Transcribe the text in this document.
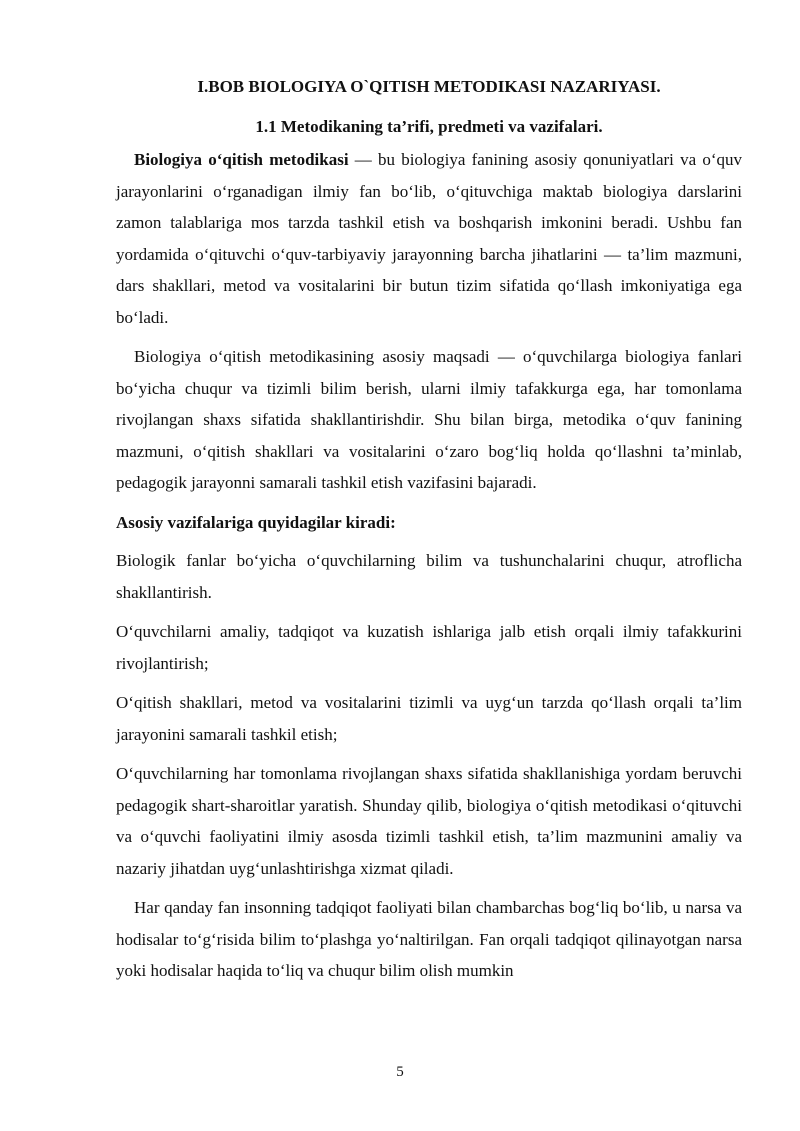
I.BOB BIOLOGIYA O`QITISH METODIKASI NAZARIYASI.
1.1 Metodikaning ta’rifi, predmeti va vazifalari.

Biologiya o‘qitish metodikasi — bu biologiya fanining asosiy qonuniyatlari va o‘quv jarayonlarini o‘rganadigan ilmiy fan bo‘lib, o‘qituvchiga maktab biologiya darslarini zamon talablariga mos tarzda tashkil etish va boshqarish imkonini beradi. Ushbu fan yordamida o‘qituvchi o‘quv-tarbiyaviy jarayonning barcha jihatlarini — ta’lim mazmuni, dars shakllari, metod va vositalarini bir butun tizim sifatida qo‘llash imkoniyatiga ega bo‘ladi.

Biologiya o‘qitish metodikasining asosiy maqsadi — o‘quvchilarga biologiya fanlari bo‘yicha chuqur va tizimli bilim berish, ularni ilmiy tafakkurga ega, har tomonlama rivojlangan shaxs sifatida shakllantirishdir. Shu bilan birga, metodika o‘quv fanining mazmuni, o‘qitish shakllari va vositalarini o‘zaro bog‘liq holda qo‘llashni ta’minlab, pedagogik jarayonni samarali tashkil etish vazifasini bajaradi.

Asosiy vazifalariga quyidagilar kiradi:

Biologik fanlar bo‘yicha o‘quvchilarning bilim va tushunchalarini chuqur, atroflicha shakllantirish.

O‘quvchilarni amaliy, tadqiqot va kuzatish ishlariga jalb etish orqali ilmiy tafakkurini rivojlantirish;

O‘qitish shakllari, metod va vositalarini tizimli va uyg‘un tarzda qo‘llash orqali ta’lim jarayonini samarali tashkil etish;

O‘quvchilarning har tomonlama rivojlangan shaxs sifatida shakllanishiga yordam beruvchi pedagogik shart-sharoitlar yaratish. Shunday qilib, biologiya o‘qitish metodikasi o‘qituvchi va o‘quvchi faoliyatini ilmiy asosda tizimli tashkil etish, ta’lim mazmunini amaliy va nazariy jihatdan uyg‘unlashtirishga xizmat qiladi.

Har qanday fan insonning tadqiqot faoliyati bilan chambarchas bog‘liq bo‘lib, u narsa va hodisalar to‘g‘risida bilim to‘plashga yo‘naltirilgan. Fan orqali tadqiqot qilinayotgan narsa yoki hodisalar haqida to‘liq va chuqur bilim olish mumkin

5
